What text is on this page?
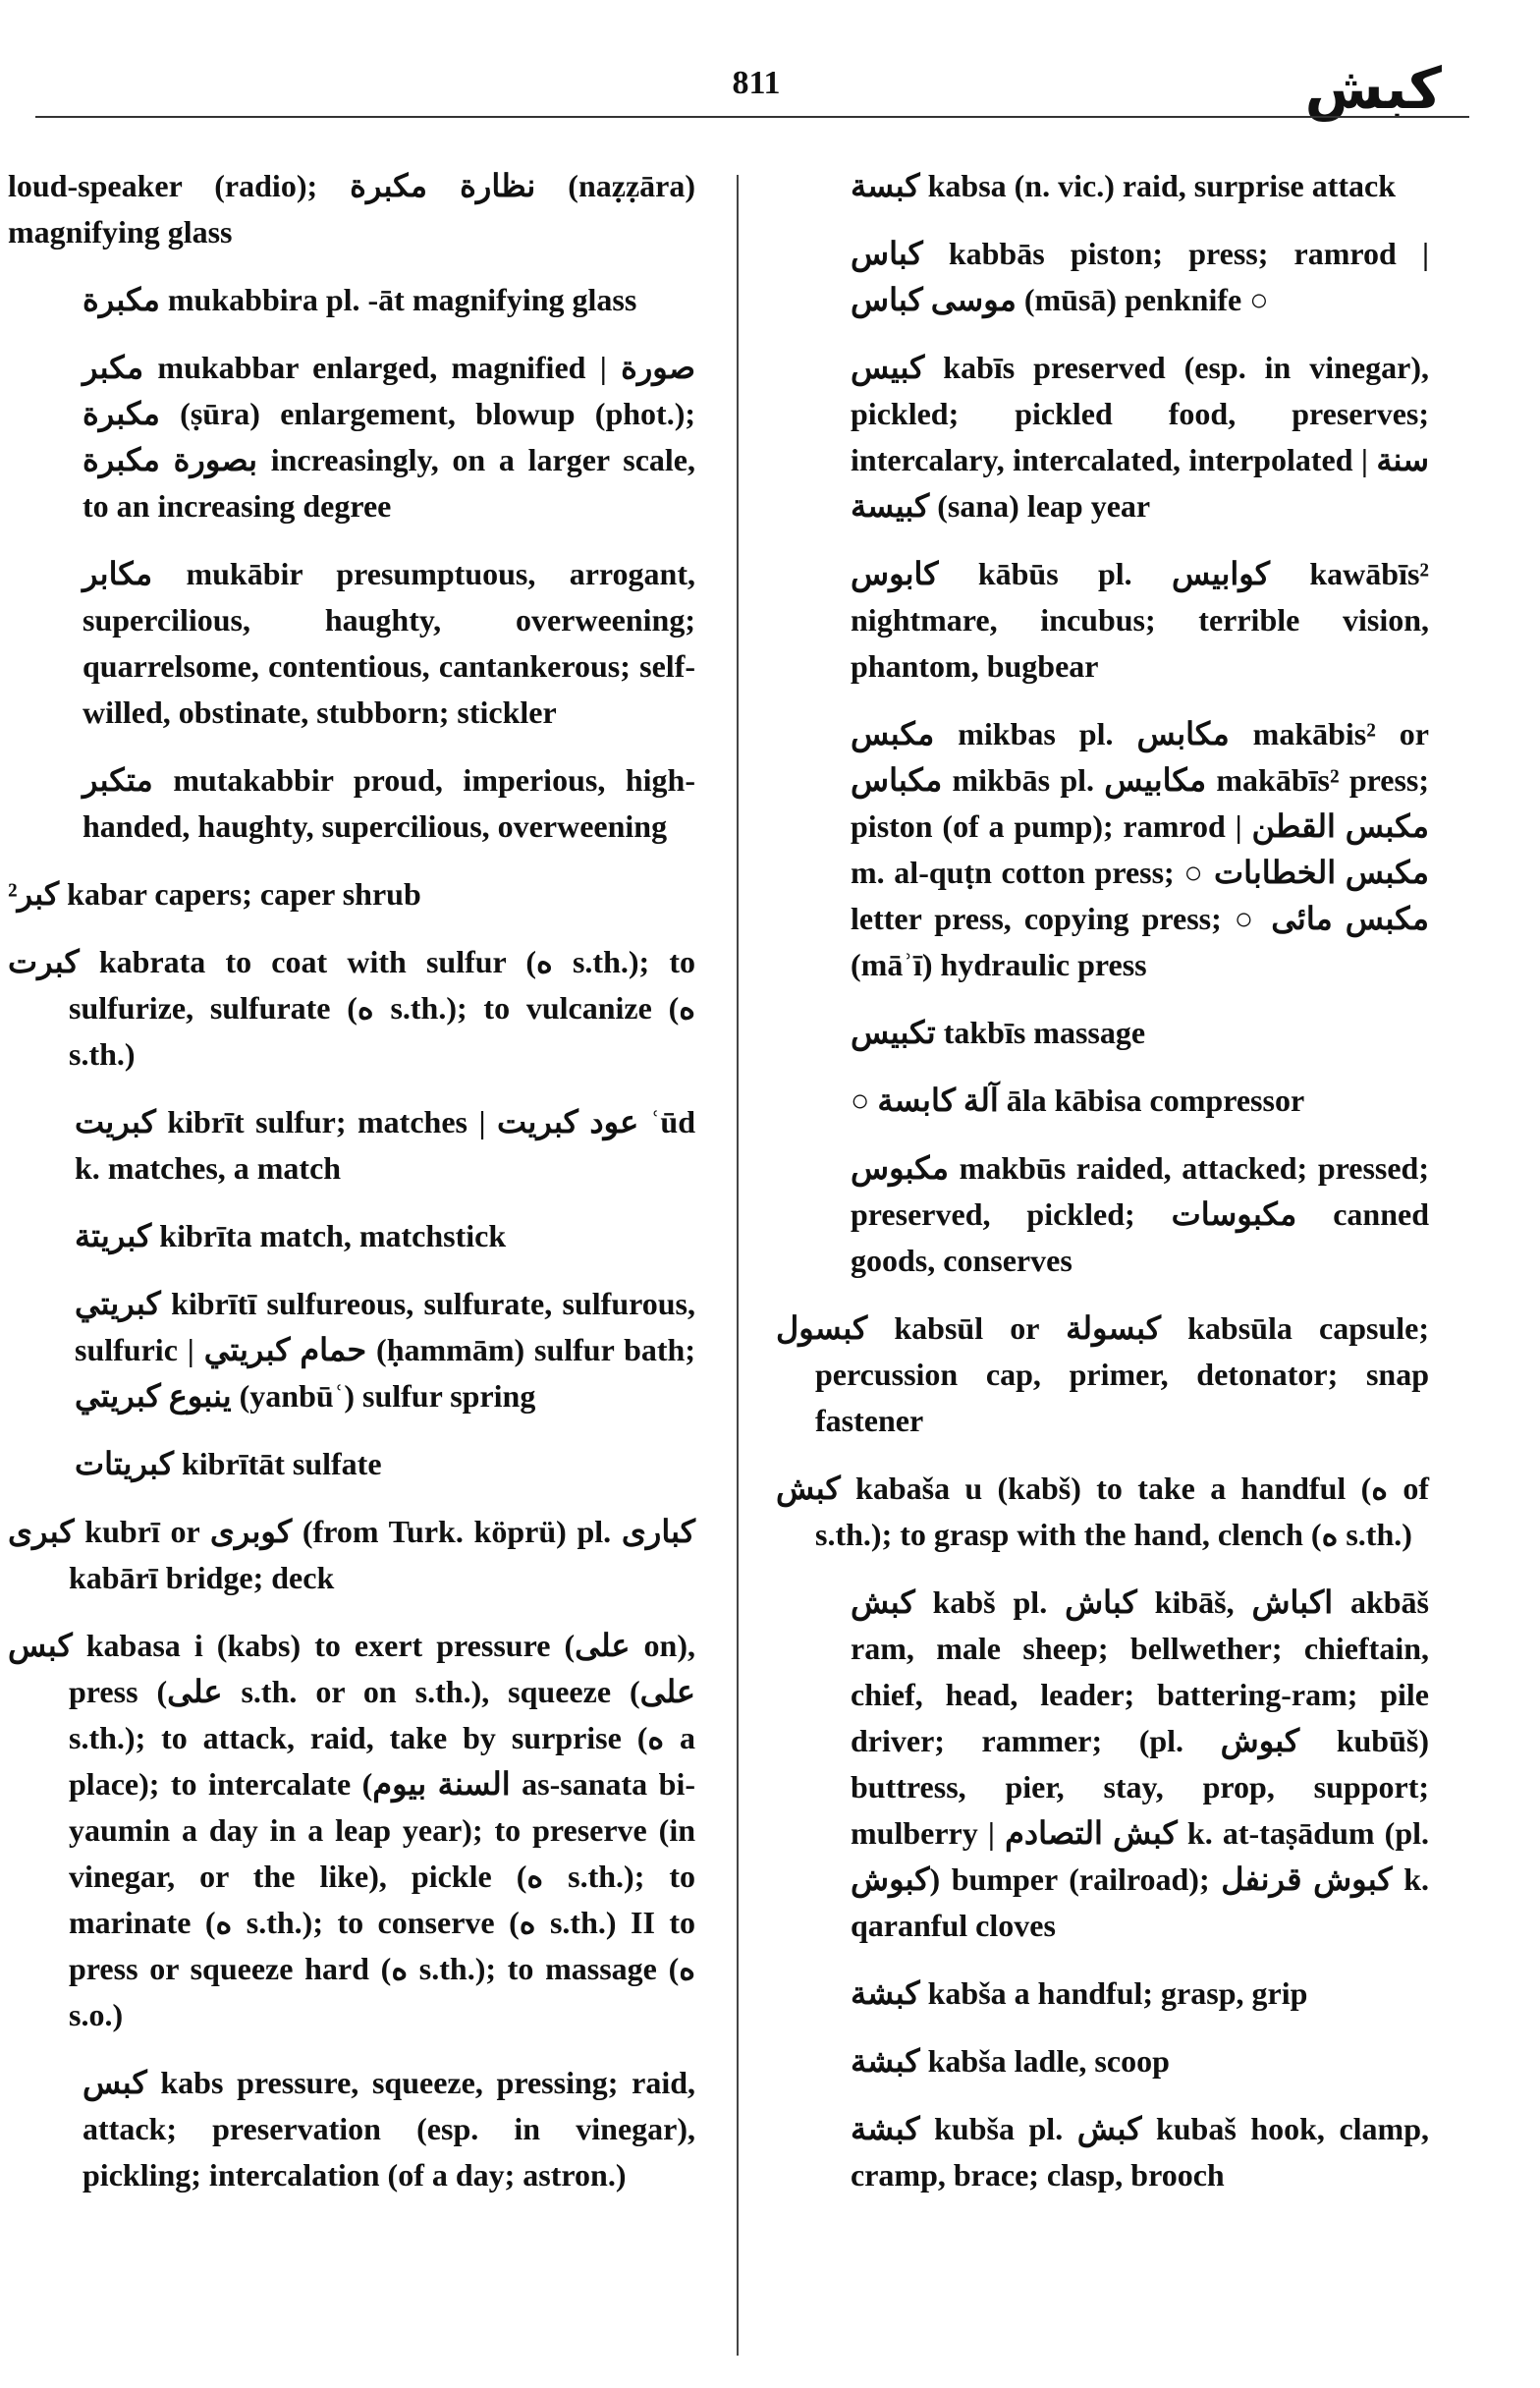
811	كبش

loud-speaker (radio); نظارة مكبرة (naẓẓāra) magnifying glass

مكبرة mukabbira pl. -āt magnifying glass

مكبر mukabbar enlarged, magnified | صورة مكبرة (ṣūra) enlargement, blowup (phot.); بصورة مكبرة increasingly, on a larger scale, to an increasing degree

مكابر mukābir presumptuous, arrogant, supercilious, haughty, overweening; quarrelsome, contentious, cantankerous; self-willed, obstinate, stubborn; stickler

متكبر mutakabbir proud, imperious, high-handed, haughty, supercilious, overweening

²كبر kabar capers; caper shrub

كبرت kabrata to coat with sulfur (ه s.th.); to sulfurize, sulfurate (ه s.th.); to vulcanize (ه s.th.)

كبريت kibrīt sulfur; matches | عود كبريت ʿūd k. matches, a match

كبريتة kibrīta match, matchstick

كبريتي kibrītī sulfureous, sulfurate, sulfurous, sulfuric | حمام كبريتي (ḥammām) sulfur bath; ينبوع كبريتي (yanbūʿ) sulfur spring

كبريتات kibrītāt sulfate

كبرى kubrī or كوبرى (from Turk. köprü) pl. كبارى kabārī bridge; deck

كبس kabasa i (kabs) to exert pressure (على on), press (على s.th. or on s.th.), squeeze (على s.th.); to attack, raid, take by surprise (ه a place); to intercalate (السنة بيوم as-sanata bi-yaumin a day in a leap year); to preserve (in vinegar, or the like), pickle (ه s.th.); to marinate (ه s.th.); to conserve (ه s.th.) II to press or squeeze hard (ه s.th.); to massage (ه s.o.)

كبس kabs pressure, squeeze, pressing; raid, attack; preservation (esp. in vinegar), pickling; intercalation (of a day; astron.)

كبسة kabsa (n. vic.) raid, surprise attack

كباس kabbās piston; press; ramrod | موسى كباس (mūsā) penknife ○

كبيس kabīs preserved (esp. in vinegar), pickled; pickled food, preserves; intercalary, intercalated, interpolated | سنة كبيسة (sana) leap year

كابوس kābūs pl. كوابيس kawābīs² nightmare, incubus; terrible vision, phantom, bugbear

مكبس mikbas pl. مكابس makābis² or مكباس mikbās pl. مكابيس makābīs² press; piston (of a pump); ramrod | مكبس القطن m. al-quṭn cotton press; ○ مكبس الخطابات letter press, copying press; ○ مكبس مائى (māʾī) hydraulic press

تكبيس takbīs massage

○ آلة كابسة āla kābisa compressor

مكبوس makbūs raided, attacked; pressed; preserved, pickled; مكبوسات canned goods, conserves

كبسول kabsūl or كبسولة kabsūla capsule; percussion cap, primer, detonator; snap fastener

كبش kabaša u (kabš) to take a handful (ه of s.th.); to grasp with the hand, clench (ه s.th.)

كبش kabš pl. كباش kibāš, اكباش akbāš ram, male sheep; bellwether; chieftain, chief, head, leader; battering-ram; pile driver; rammer; (pl. كبوش kubūš) buttress, pier, stay, prop, support; mulberry | كبش التصادم k. at-taṣādum (pl. كبوش) bumper (railroad); كبوش قرنفل k. qaranful cloves

كبشة kabša a handful; grasp, grip

كبشة kabša ladle, scoop

كبشة kubša pl. كبش kubaš hook, clamp, cramp, brace; clasp, brooch
